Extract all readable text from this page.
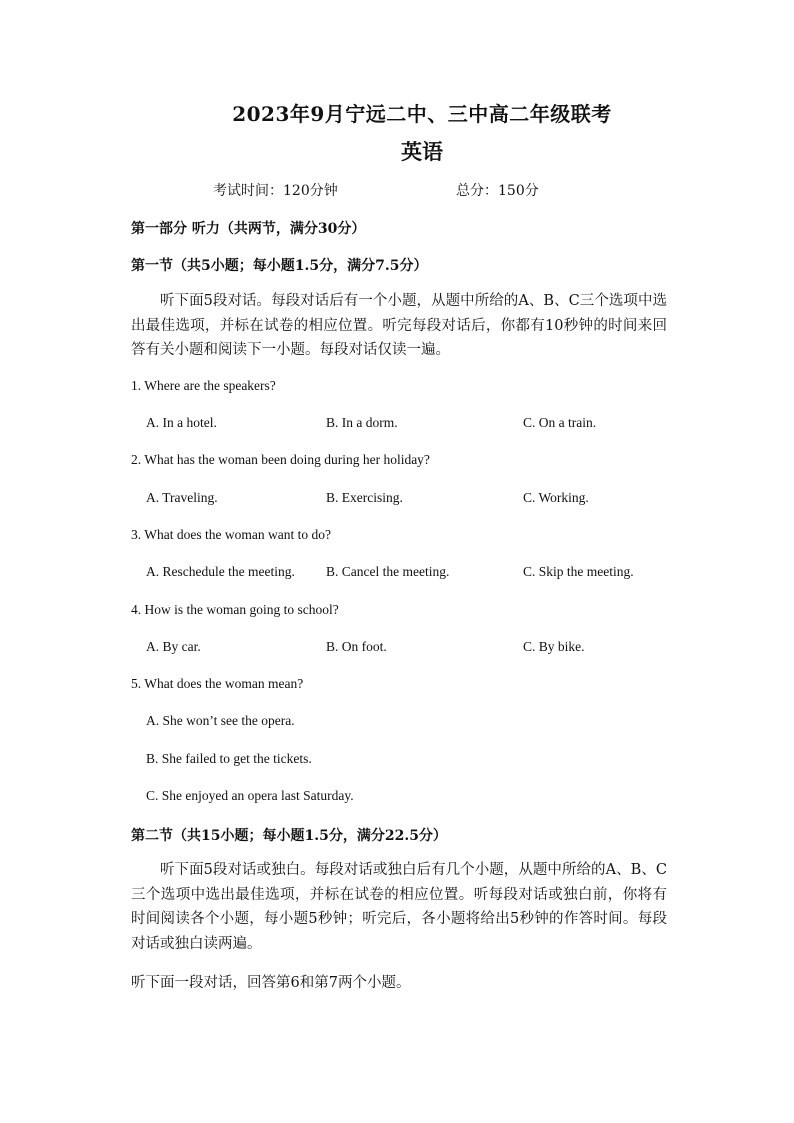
2023年9月宁远二中、三中高二年级联考
英语
考试时间：120分钟	总分：150分
第一部分 听力（共两节，满分30分）
第一节（共5小题；每小题1.5分，满分7.5分）
听下面5段对话。每段对话后有一个小题，从题中所给的A、B、C三个选项中选出最佳选项，并标在试卷的相应位置。听完每段对话后，你都有10秒钟的时间来回答有关小题和阅读下一小题。每段对话仅读一遍。
1. Where are the speakers?
A. In a hotel.	B. In a dorm.	C. On a train.
2. What has the woman been doing during her holiday?
A. Traveling.	B. Exercising.	C. Working.
3. What does the woman want to do?
A. Reschedule the meeting. B. Cancel the meeting.	C. Skip the meeting.
4. How is the woman going to school?
A. By car.	B. On foot.	C. By bike.
5. What does the woman mean?
A. She won’t see the opera.
B. She failed to get the tickets.
C. She enjoyed an opera last Saturday.
第二节（共15小题；每小题1.5分，满分22.5分）
听下面5段对话或独白。每段对话或独白后有几个小题，从题中所给的A、B、C三个选项中选出最佳选项，并标在试卷的相应位置。听每段对话或独白前，你将有时间阅读各个小题，每小题5秒钟；听完后，各小题将给出5秒钟的作答时间。每段对话或独白读两遍。
听下面一段对话，回答第6和第7两个小题。
